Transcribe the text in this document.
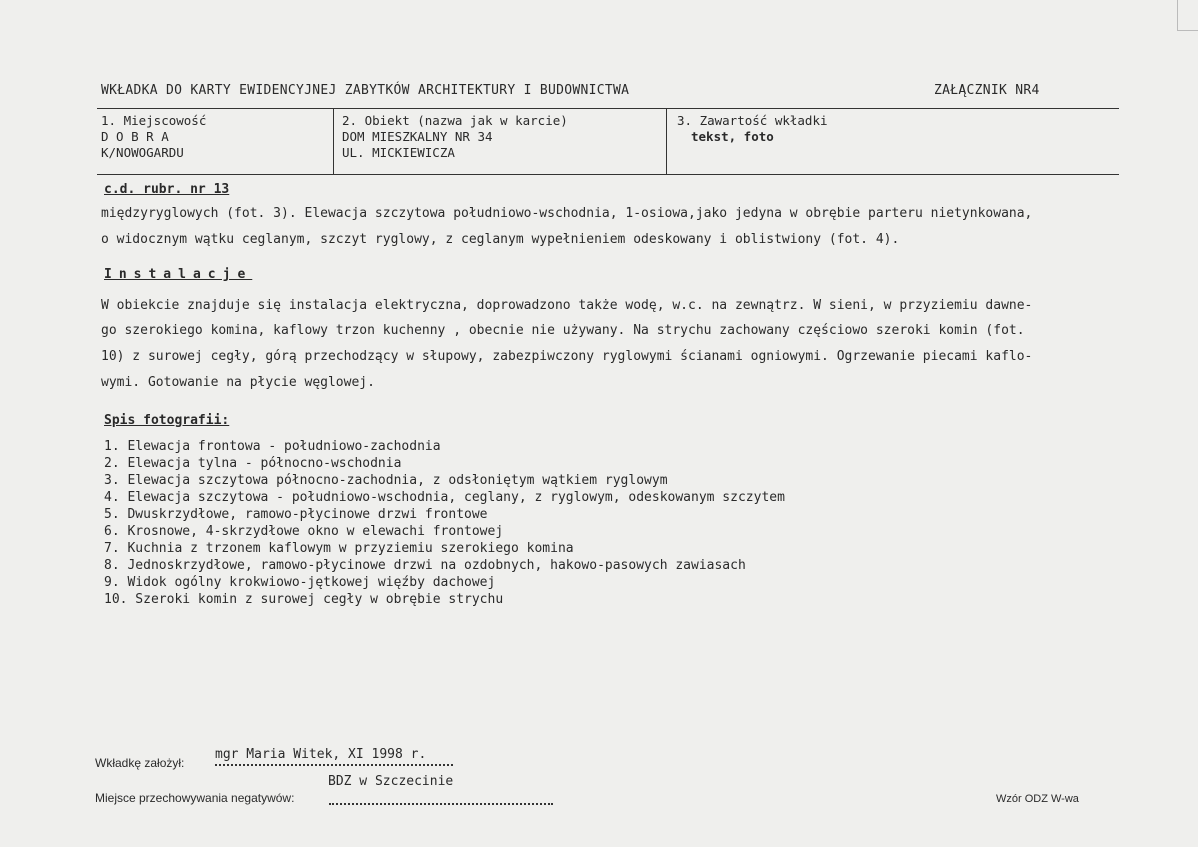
WKŁADKA DO KARTY EWIDENCYJNEJ ZABYTKÓW ARCHITEKTURY I BUDOWNICTWA	ZAŁĄCZNIK NR4
1. Miejscowość
D O B R A
K/NOWOGARDU
2. Obiekt (nazwa jak w karcie)
DOM MIESZKALNY NR 34
UL. MICKIEWICZA
3. Zawartość wkładki
tekst, foto
c.d. rubr. nr 13
międzyryglowych (fot. 3). Elewacja szczytowa południowo-wschodnia, 1-osiowa,jako jedyna w obrębie parteru nietynkowana,
o widocznym wątku ceglanym, szczyt ryglowy, z ceglanym wypełnieniem odeskowany i oblistwiony (fot. 4).
Instalacje
W obiekcie znajduje się instalacja elektryczna, doprowadzono także wodę, w.c. na zewnątrz. W sieni, w przyziemiu dawne-
go szerokiego komina, kaflowy trzon kuchenny , obecnie nie używany. Na strychu zachowany częściowo szeroki komin (fot.
10) z surowej cegły, górą przechodzący w słupowy, zabezpiwczony ryglowymi ścianami ogniowymi. Ogrzewanie piecami kaflo-
wymi. Gotowanie na płycie węglowej.
Spis fotografii:
1. Elewacja frontowa - południowo-zachodnia
2. Elewacja tylna - północno-wschodnia
3. Elewacja szczytowa północno-zachodnia, z odsłoniętym wątkiem ryglowym
4. Elewacja szczytowa - południowo-wschodnia, ceglany, z ryglowym, odeskowanym szczytem
5. Dwuskrzydłowe, ramowo-płycinowe drzwi frontowe
6. Krosnowe, 4-skrzydłowe okno w elewachi frontowej
7. Kuchnia z trzonem kaflowym w przyziemiu szerokiego komina
8. Jednoskrzydłowe, ramowo-płycinowe drzwi na ozdobnych, hakowo-pasowych zawiasach
9. Widok ogólny krokwiowo-jętkowej więźby dachowej
10. Szeroki komin z surowej cegły w obrębie strychu
Wkładkę założył:
mgr Maria Witek, XI 1998 r.
BDZ w Szczecinie
Miejsce przechowywania negatywów:	Wzór ODZ W-wa
